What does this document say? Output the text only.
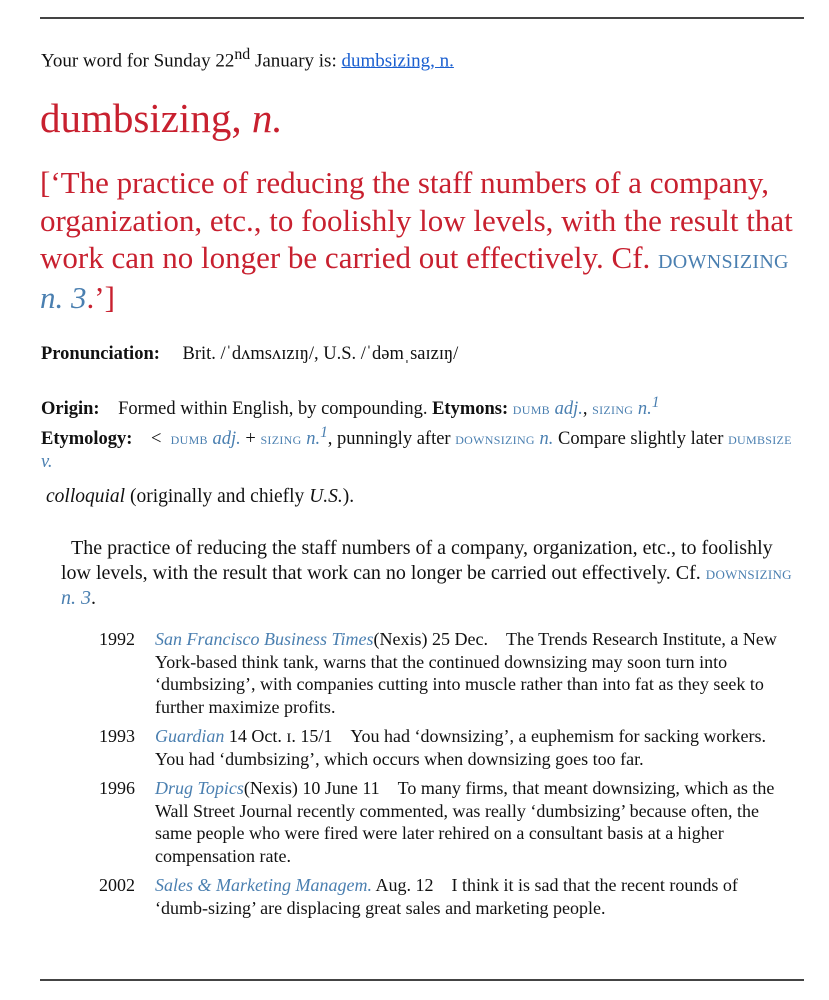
Your word for Sunday 22nd January is: dumbsizing, n.
dumbsizing, n.
[‘The practice of reducing the staff numbers of a company, organization, etc., to foolishly low levels, with the result that work can no longer be carried out effectively. Cf. downsizing n. 3.’]
Pronunciation: Brit. /ˈdʌmsʌɪzɪŋ/, U.S. /ˈdəmˌsaɪzɪŋ/
Origin: Formed within English, by compounding. Etymons: dumb adj., sizing n.$^1$
Etymology: < dumb adj. + sizing n.$^1$, punningly after downsizing n. Compare slightly later dumbsize v.
colloquial (originally and chiefly U.S.).
The practice of reducing the staff numbers of a company, organization, etc., to foolishly low levels, with the result that work can no longer be carried out effectively. Cf. downsizing n. 3.
1992 San Francisco Business Times(Nexis) 25 Dec. The Trends Research Institute, a New York-based think tank, warns that the continued downsizing may soon turn into ‘dumbsizing’, with companies cutting into muscle rather than into fat as they seek to further maximize profits.
1993 Guardian 14 Oct. ɪ. 15/1 You had ‘downsizing’, a euphemism for sacking workers. You had ‘dumbsizing’, which occurs when downsizing goes too far.
1996 Drug Topics(Nexis) 10 June 11 To many firms, that meant downsizing, which as the Wall Street Journal recently commented, was really ‘dumbsizing’ because often, the same people who were fired were later rehired on a consultant basis at a higher compensation rate.
2002 Sales & Marketing Managem. Aug. 12 I think it is sad that the recent rounds of ‘dumb-sizing’ are displacing great sales and marketing people.
